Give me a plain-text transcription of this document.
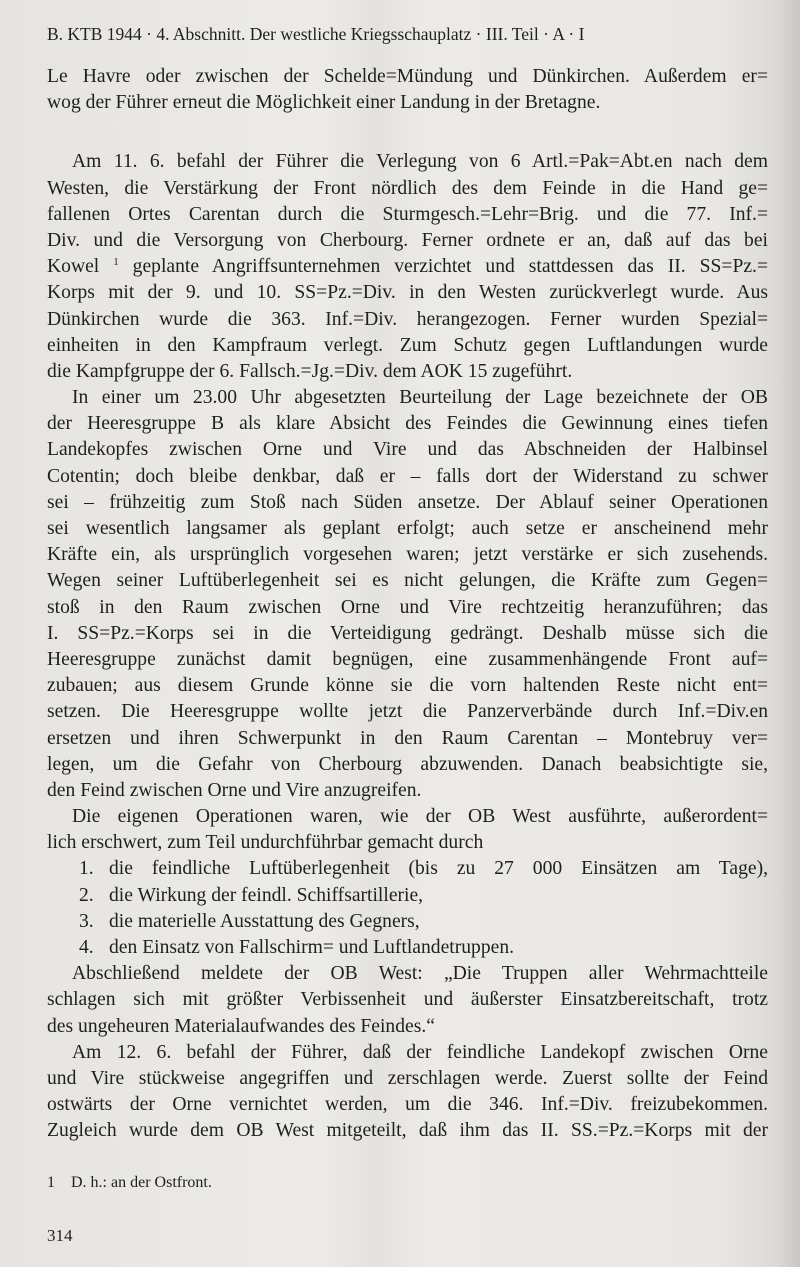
B. KTB 1944 · 4. Abschnitt. Der westliche Kriegsschauplatz · III. Teil · A · I
Le Havre oder zwischen der Schelde=Mündung und Dünkirchen. Außerdem er=
wog der Führer erneut die Möglichkeit einer Landung in der Bretagne.
Am 11. 6. befahl der Führer die Verlegung von 6 Artl.=Pak=Abt.en nach dem
Westen, die Verstärkung der Front nördlich des dem Feinde in die Hand ge=
fallenen Ortes Carentan durch die Sturmgesch.=Lehr=Brig. und die 77. Inf.=
Div. und die Versorgung von Cherbourg. Ferner ordnete er an, daß auf das bei
Kowel $^1$ geplante Angriffsunternehmen verzichtet und stattdessen das II. SS=Pz.=
Korps mit der 9. und 10. SS=Pz.=Div. in den Westen zurückverlegt wurde. Aus
Dünkirchen wurde die 363. Inf.=Div. herangezogen. Ferner wurden Spezial=
einheiten in den Kampfraum verlegt. Zum Schutz gegen Luftlandungen wurde
die Kampfgruppe der 6. Fallsch.=Jg.=Div. dem AOK 15 zugeführt.
In einer um 23.00 Uhr abgesetzten Beurteilung der Lage bezeichnete der OB
der Heeresgruppe B als klare Absicht des Feindes die Gewinnung eines tiefen
Landekopfes zwischen Orne und Vire und das Abschneiden der Halbinsel
Cotentin; doch bleibe denkbar, daß er – falls dort der Widerstand zu schwer
sei – frühzeitig zum Stoß nach Süden ansetze. Der Ablauf seiner Operationen
sei wesentlich langsamer als geplant erfolgt; auch setze er anscheinend mehr
Kräfte ein, als ursprünglich vorgesehen waren; jetzt verstärke er sich zusehends.
Wegen seiner Luftüberlegenheit sei es nicht gelungen, die Kräfte zum Gegen=
stoß in den Raum zwischen Orne und Vire rechtzeitig heranzuführen; das
I. SS=Pz.=Korps sei in die Verteidigung gedrängt. Deshalb müsse sich die
Heeresgruppe zunächst damit begnügen, eine zusammenhängende Front auf=
zubauen; aus diesem Grunde könne sie die vorn haltenden Reste nicht ent=
setzen. Die Heeresgruppe wollte jetzt die Panzerverbände durch Inf.=Div.en
ersetzen und ihren Schwerpunkt in den Raum Carentan – Montebruy ver=
legen, um die Gefahr von Cherbourg abzuwenden. Danach beabsichtigte sie,
den Feind zwischen Orne und Vire anzugreifen.
Die eigenen Operationen waren, wie der OB West ausführte, außerordent=
lich erschwert, zum Teil undurchführbar gemacht durch
1. die feindliche Luftüberlegenheit (bis zu 27 000 Einsätzen am Tage),
2. die Wirkung der feindl. Schiffsartillerie,
3. die materielle Ausstattung des Gegners,
4. den Einsatz von Fallschirm= und Luftlandetruppen.
Abschließend meldete der OB West: „Die Truppen aller Wehrmachtteile
schlagen sich mit größter Verbissenheit und äußerster Einsatzbereitschaft, trotz
des ungeheuren Materialaufwandes des Feindes.“
Am 12. 6. befahl der Führer, daß der feindliche Landekopf zwischen Orne
und Vire stückweise angegriffen und zerschlagen werde. Zuerst sollte der Feind
ostwärts der Orne vernichtet werden, um die 346. Inf.=Div. freizubekommen.
Zugleich wurde dem OB West mitgeteilt, daß ihm das II. SS.=Pz.=Korps mit der
1 D. h.: an der Ostfront.
314
